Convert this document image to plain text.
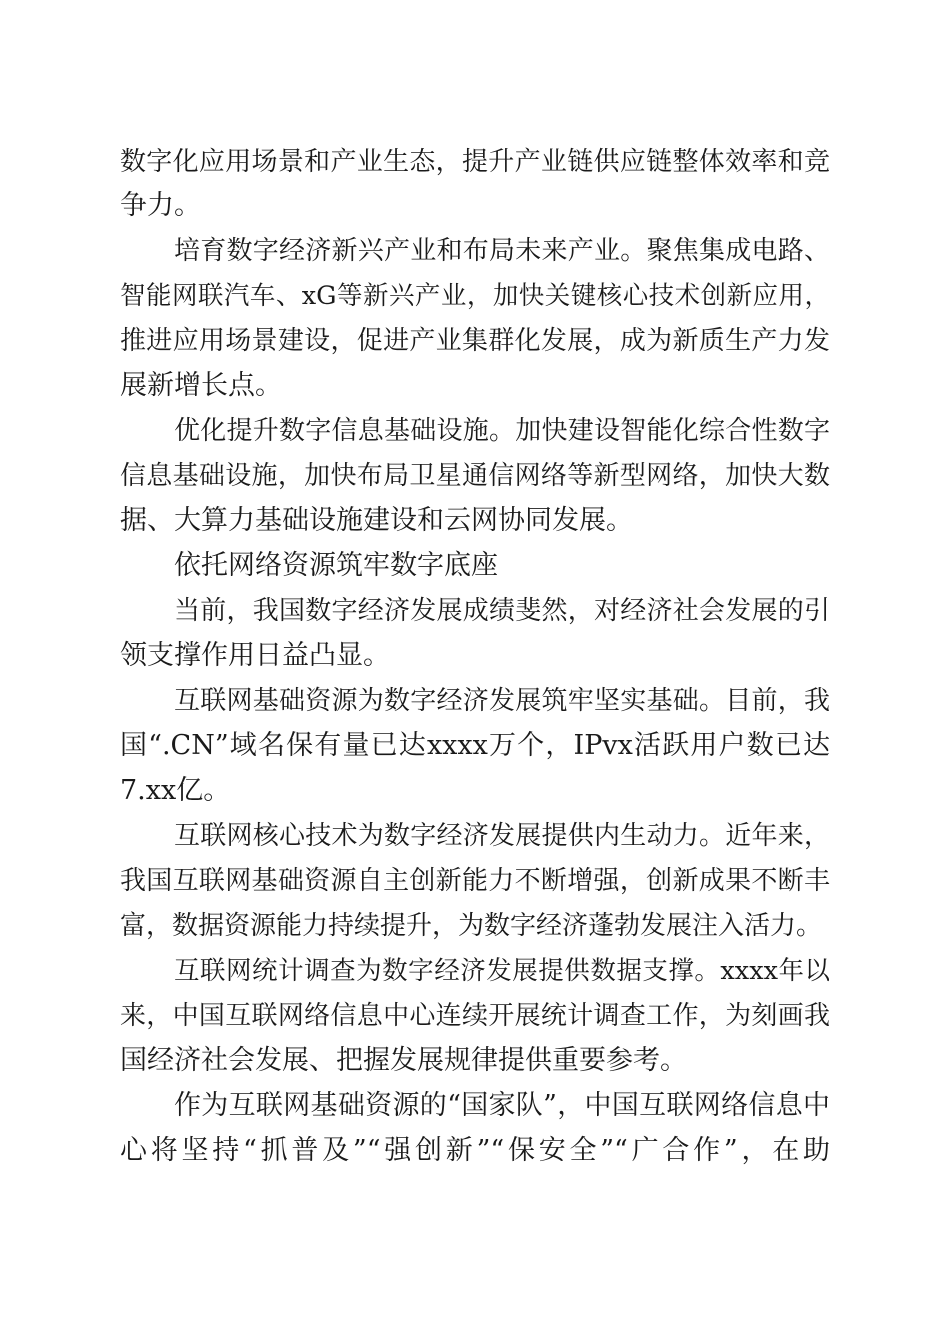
数字化应用场景和产业生态，提升产业链供应链整体效率和竞
争力。
培育数字经济新兴产业和布局未来产业。聚焦集成电路、
智能网联汽车、xG等新兴产业，加快关键核心技术创新应用，
推进应用场景建设，促进产业集群化发展，成为新质生产力发
展新增长点。
优化提升数字信息基础设施。加快建设智能化综合性数字
信息基础设施，加快布局卫星通信网络等新型网络，加快大数
据、大算力基础设施建设和云网协同发展。
依托网络资源筑牢数字底座
当前，我国数字经济发展成绩斐然，对经济社会发展的引
领支撑作用日益凸显。
互联网基础资源为数字经济发展筑牢坚实基础。目前，我
国“.CN”域名保有量已达xxxx万个，IPvx活跃用户数已达
7.xx亿。
互联网核心技术为数字经济发展提供内生动力。近年来，
我国互联网基础资源自主创新能力不断增强，创新成果不断丰
富，数据资源能力持续提升，为数字经济蓬勃发展注入活力。
互联网统计调查为数字经济发展提供数据支撑。xxxx年以
来，中国互联网络信息中心连续开展统计调查工作，为刻画我
国经济社会发展、把握发展规律提供重要参考。
作为互联网基础资源的“国家队”，中国互联网络信息中
心将坚持“抓普及”“强创新”“保安全”“广合作”，在助
